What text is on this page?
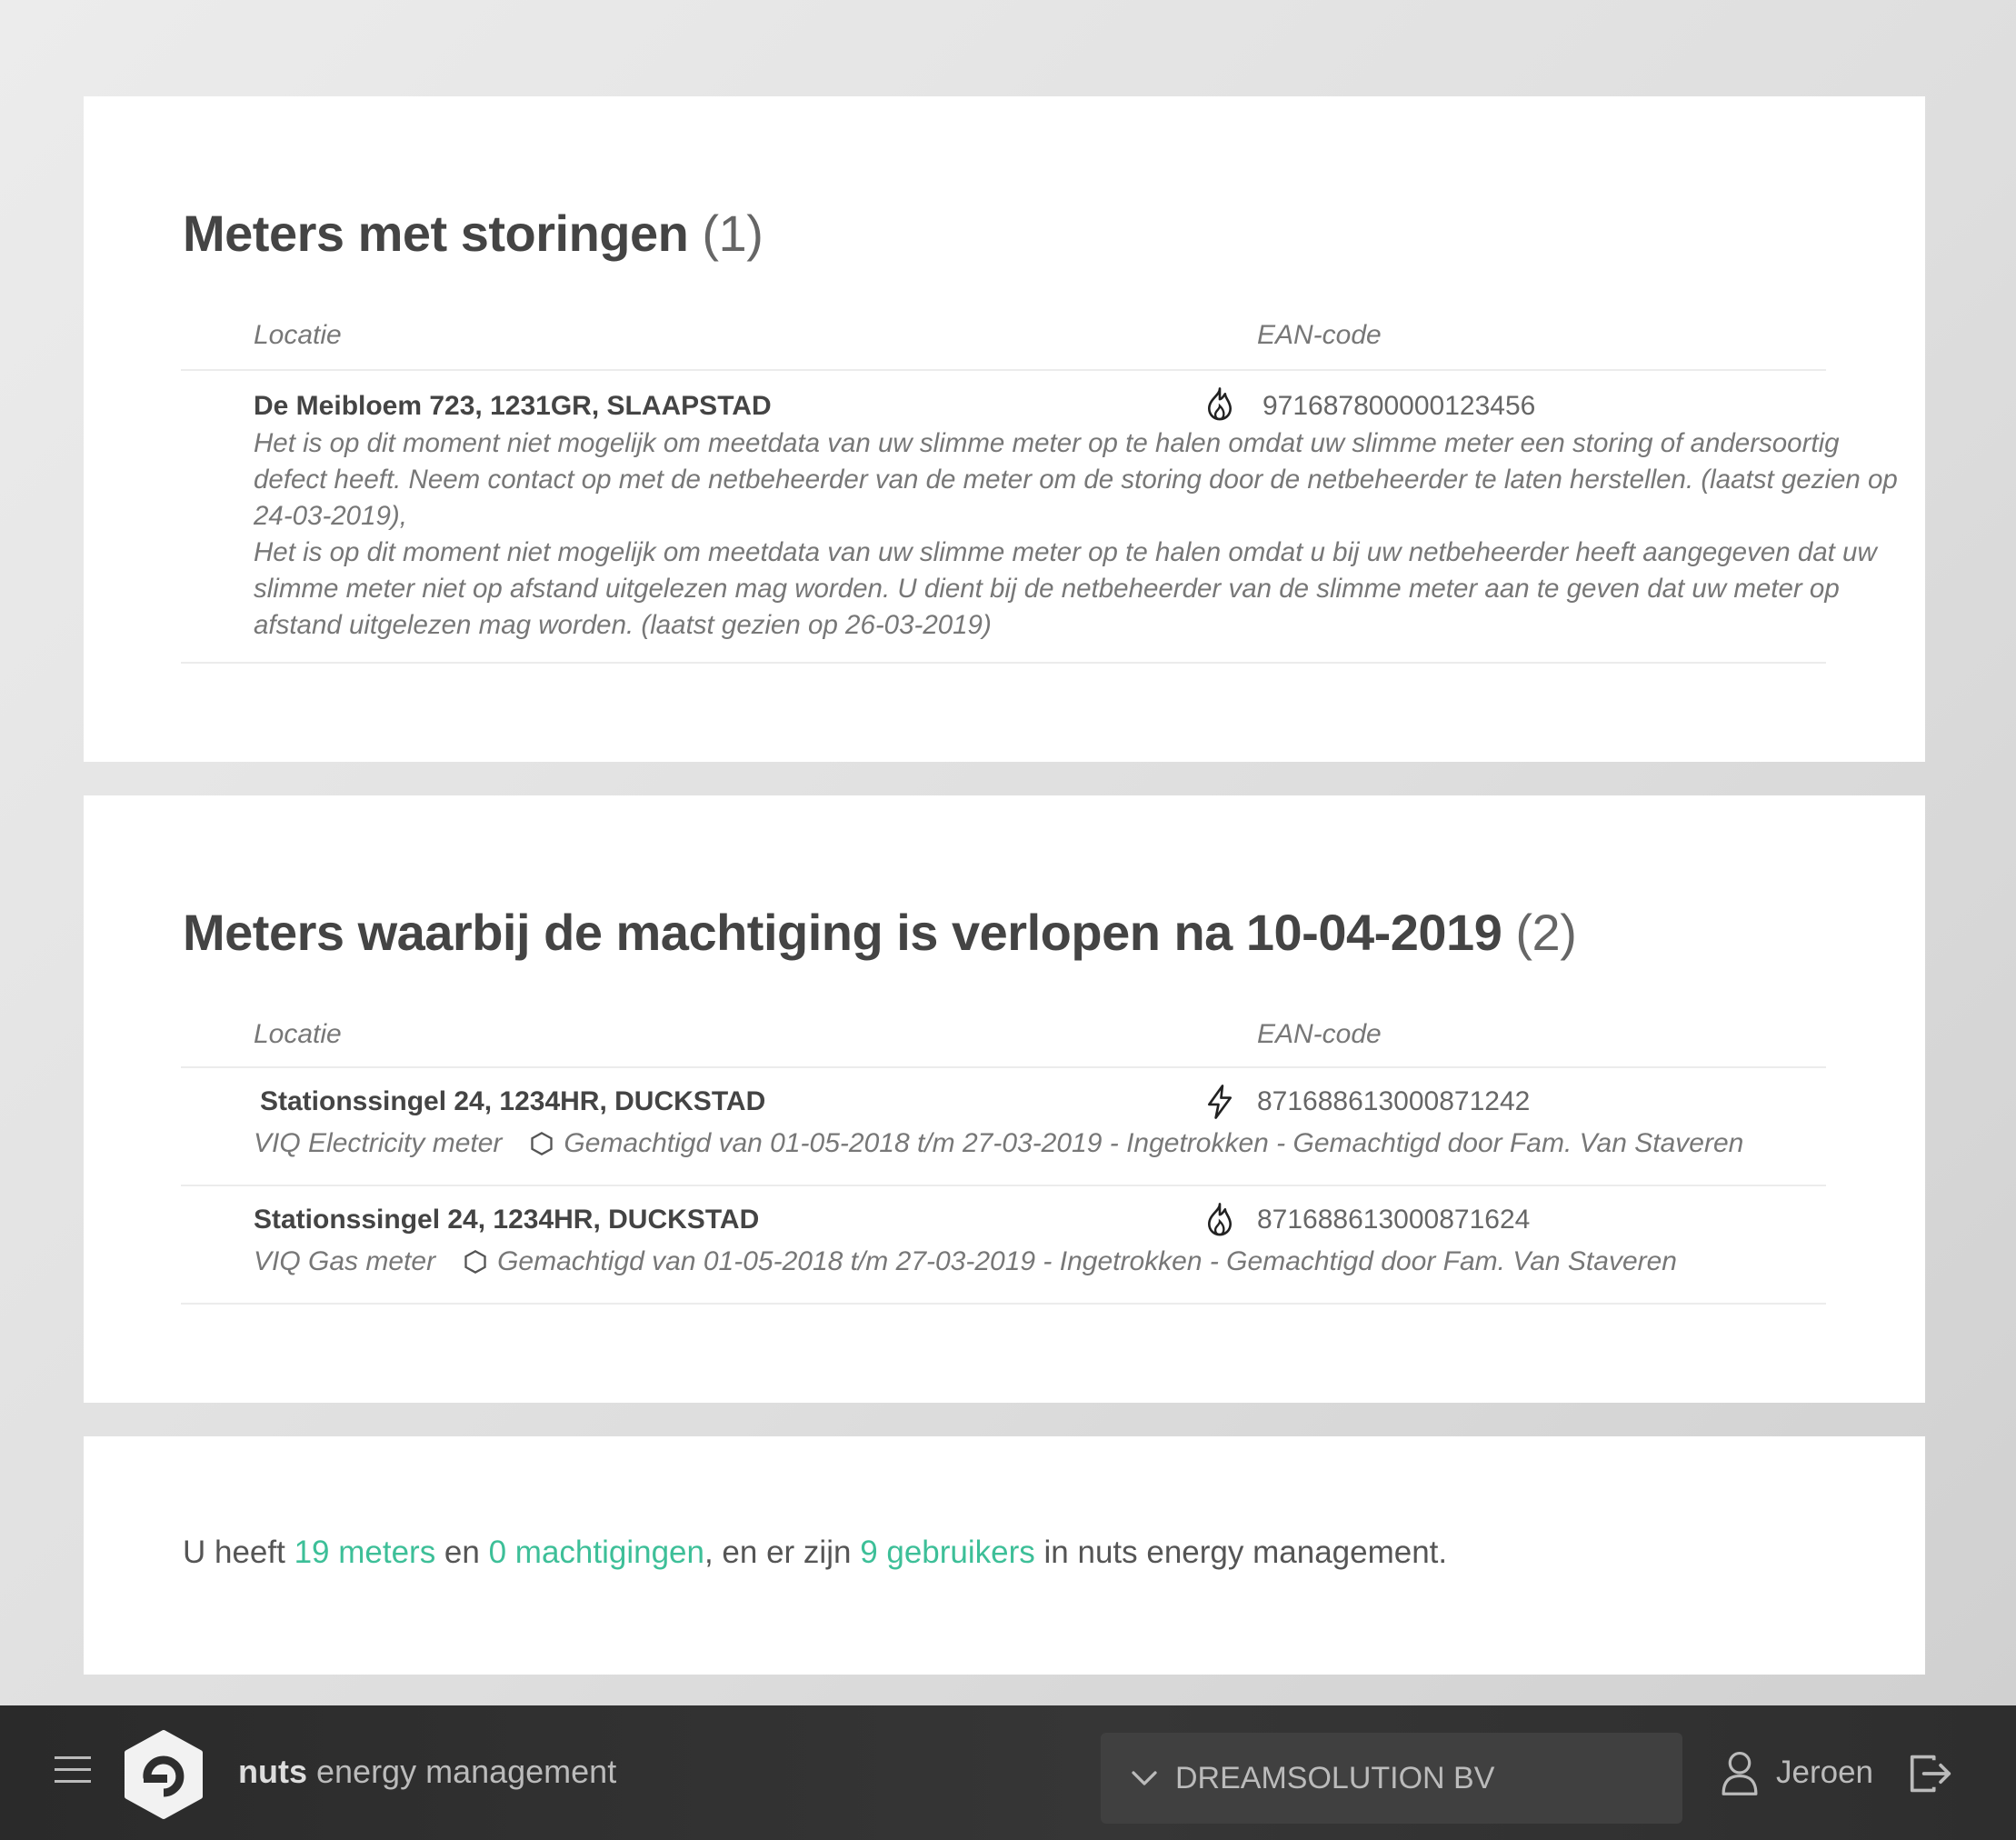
Meters met storingen (1)
Locatie	EAN-code
De Meibloem 723, 1231GR, SLAAPSTAD	971687800000123456
Het is op dit moment niet mogelijk om meetdata van uw slimme meter op te halen omdat uw slimme meter een storing of andersoortig defect heeft. Neem contact op met de netbeheerder van de meter om de storing door de netbeheerder te laten herstellen. (laatst gezien op 24-03-2019),
Het is op dit moment niet mogelijk om meetdata van uw slimme meter op te halen omdat u bij uw netbeheerder heeft aangegeven dat uw slimme meter niet op afstand uitgelezen mag worden. U dient bij de netbeheerder van de slimme meter aan te geven dat uw meter op afstand uitgelezen mag worden. (laatst gezien op 26-03-2019)
Meters waarbij de machtiging is verlopen na 10-04-2019 (2)
Locatie	EAN-code
Stationssingel 24, 1234HR, DUCKSTAD	871688613000871242
VIQ Electricity meter Gemachtigd van 01-05-2018 t/m 27-03-2019 - Ingetrokken - Gemachtigd door Fam. Van Staveren
Stationssingel 24, 1234HR, DUCKSTAD	871688613000871624
VIQ Gas meter Gemachtigd van 01-05-2018 t/m 27-03-2019 - Ingetrokken - Gemachtigd door Fam. Van Staveren

U heeft 19 meters en 0 machtigingen, en er zijn 9 gebruikers in nuts energy management.

nuts energy management	DREAMSOLUTION BV	Jeroen
